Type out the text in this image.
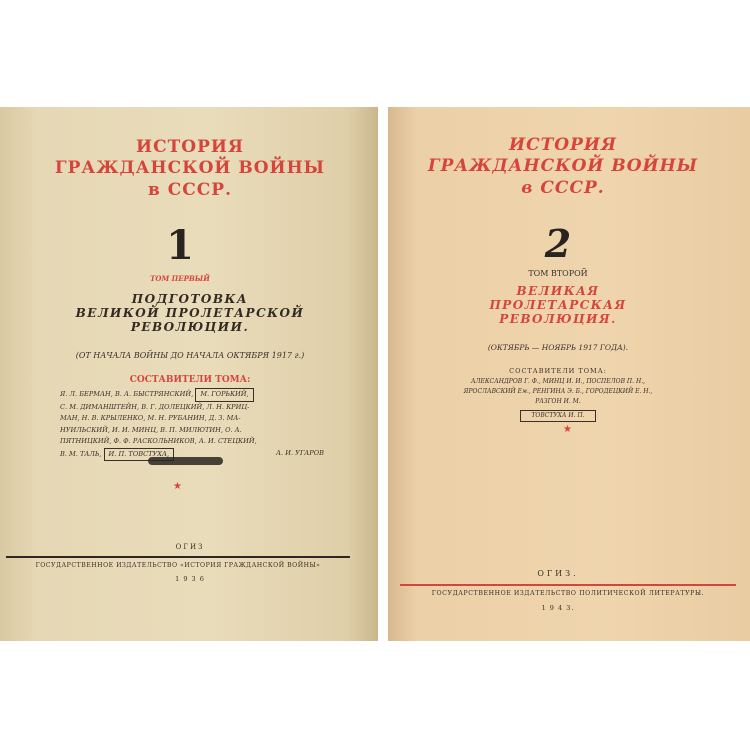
ИСТОРИЯ
ГРАЖДАНСКОЙ ВОЙНЫ
в СССР.
1
ТОМ ПЕРВЫЙ
ПОДГОТОВКА
ВЕЛИКОЙ ПРОЛЕТАРСКОЙ
РЕВОЛЮЦИИ.
(ОТ НАЧАЛА ВОЙНЫ ДО НАЧАЛА ОКТЯБРЯ 1917 г.)
СОСТАВИТЕЛИ ТОМА:
Я. Л. БЕРМАН, В. А. БЫСТРЯНСКИЙ, М. ГОРЬКИЙ,
С. М. ДИМАНШТЕЙН, В. Г. ДОЛЕЦКИЙ, Л. Н. КРИЦ-
МАН, Н. В. КРЫЛЕНКО, М. Н. РУБАНИН, Д. З. МА-
НУИЛЬСКИЙ, И. И. МИНЦ, В. П. МИЛЮТИН, О. А.
ПЯТНИЦКИЙ, Ф. Ф. РАСКОЛЬНИКОВ, А. И. СТЕЦКИЙ,
В. М. ТАЛЬ, И. П. ТОВСТУХА,	А. И. УГАРОВ
★
ОГИЗ
ГОСУДАРСТВЕННОЕ ИЗДАТЕЛЬСТВО «ИСТОРИЯ ГРАЖДАНСКОЙ ВОЙНЫ»
1 9 3 6
ИСТОРИЯ
ГРАЖДАНСКОЙ ВОЙНЫ
в СССР.
2
ТОМ ВТОРОЙ
ВЕЛИКАЯ
ПРОЛЕТАРСКАЯ
РЕВОЛЮЦИЯ.
(ОКТЯБРЬ — НОЯБРЬ 1917 ГОДА).
СОСТАВИТЕЛИ ТОМА:
АЛЕКСАНДРОВ Г. Ф., МИНЦ И. И., ПОСПЕЛОВ П. Н.,
ЯРОСЛАВСКИЙ Ем., РЕНГИНА Э. Б., ГОРОДЕЦКИЙ Е. Н.,
РАЗГОН И. М.
ТОВСТУХА И. П.
★
ОГИЗ.
ГОСУДАРСТВЕННОЕ ИЗДАТЕЛЬСТВО ПОЛИТИЧЕСКОЙ ЛИТЕРАТУРЫ.
1 9 4 3.
